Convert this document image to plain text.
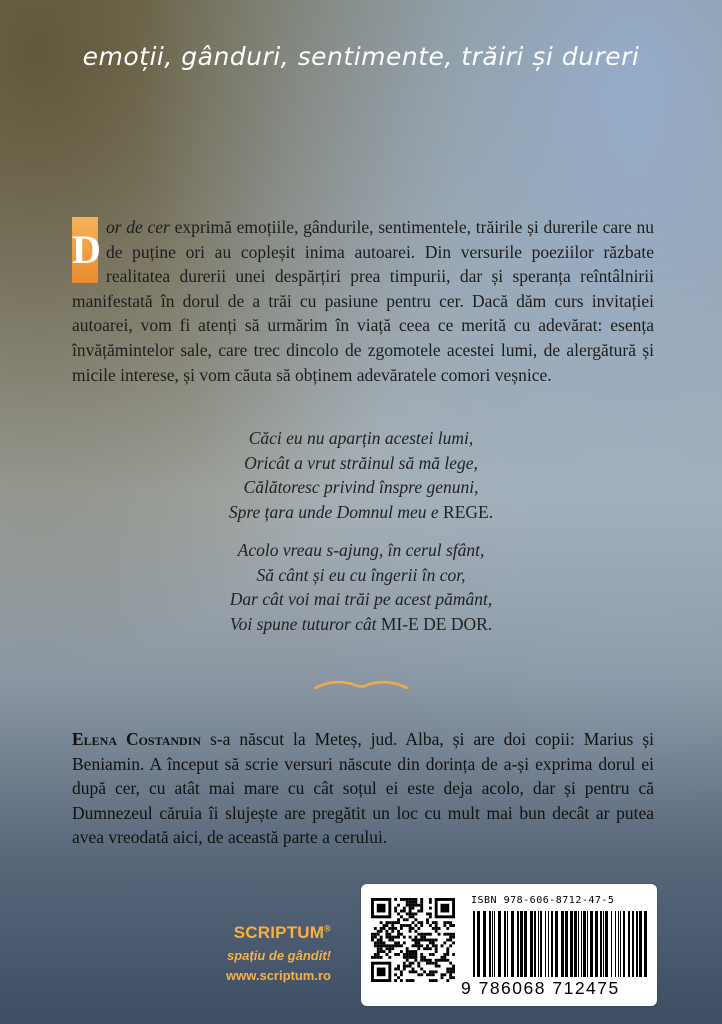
emoții, gânduri, sentimente, trăiri și dureri
D or de cer exprimă emoțiile, gândurile, sentimentele, trăirile și durerile care nu de puține ori au copleșit inima autoarei. Din versurile poeziilor răzbate realitatea durerii unei despărțiri prea timpurii, dar și speranța reîntâlnirii manifestată în dorul de a trăi cu pasiune pentru cer. Dacă dăm curs invitației autoarei, vom fi atenți să urmărim în viață ceea ce merită cu adevărat: esența învățămintelor sale, care trec dincolo de zgomotele acestei lumi, de alergătură și micile interese, și vom căuta să obținem adevăratele comori veșnice.
Căci eu nu aparțin acestei lumi,
Oricât a vrut străinul să mă lege,
Călătoresc privind înspre genuni,
Spre țara unde Domnul meu e REGE.
Acolo vreau s-ajung, în cerul sfânt,
Să cânt și eu cu îngerii în cor,
Dar cât voi mai trăi pe acest pământ,
Voi spune tuturor cât MI-E DE DOR.
Elena Costandin s-a născut la Meteș, jud. Alba, și are doi copii: Marius și Beniamin. A început să scrie versuri născute din dorința de a-și exprima dorul ei după cer, cu atât mai mare cu cât soțul ei este deja acolo, dar și pentru că Dumnezeul căruia îi slujește are pregătit un loc cu mult mai bun decât ar putea avea vreodată aici, de această parte a cerului.
SCRIPTUM®
spațiu de gândit!
www.scriptum.ro
ISBN 978-606-8712-47-5
9 786068 712475
